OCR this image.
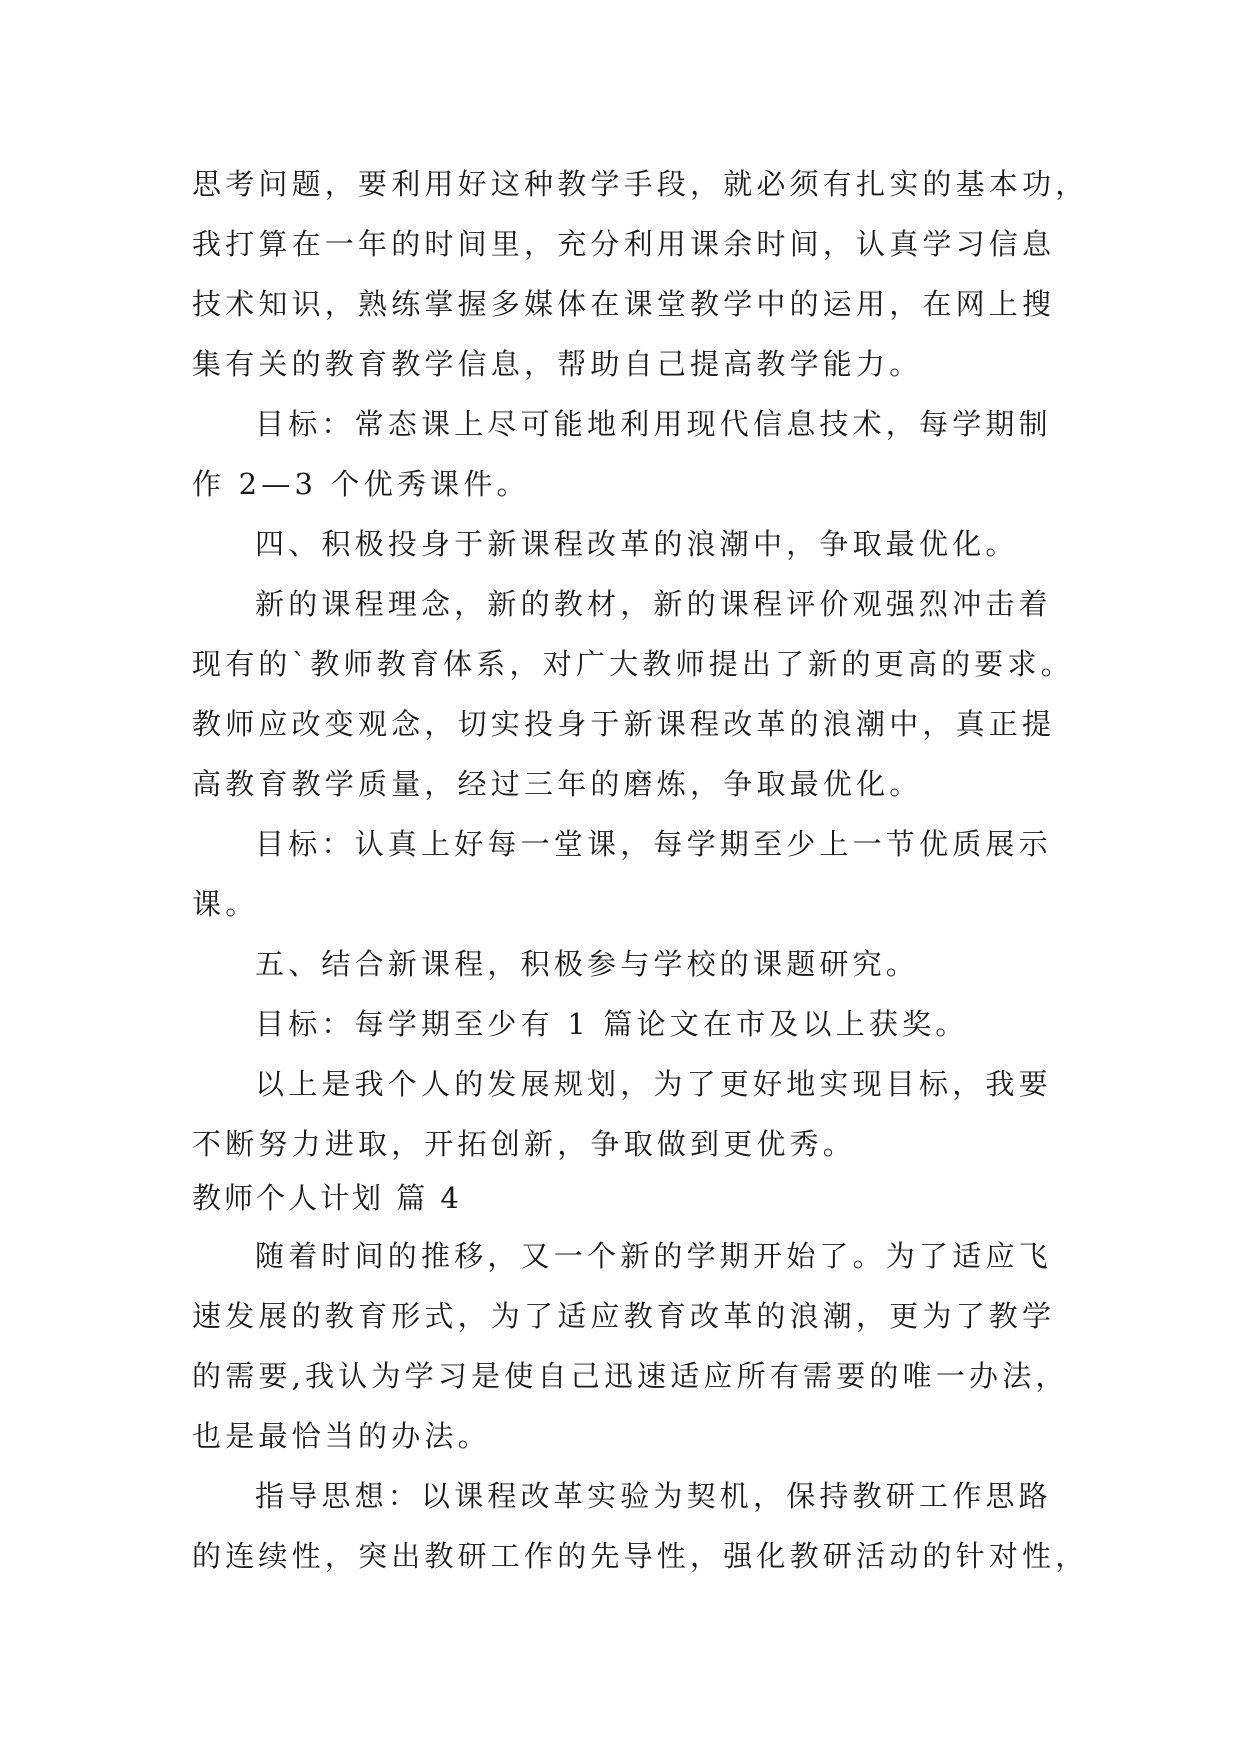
思考问题，要利用好这种教学手段，就必须有扎实的基本功，
我打算在一年的时间里，充分利用课余时间，认真学习信息
技术知识，熟练掌握多媒体在课堂教学中的运用，在网上搜
集有关的教育教学信息，帮助自己提高教学能力。
目标：常态课上尽可能地利用现代信息技术，每学期制
作 2—3 个优秀课件。
四、积极投身于新课程改革的浪潮中，争取最优化。
新的课程理念，新的教材，新的课程评价观强烈冲击着
现有的`教师教育体系，对广大教师提出了新的更高的要求。
教师应改变观念，切实投身于新课程改革的浪潮中，真正提
高教育教学质量，经过三年的磨炼，争取最优化。
目标：认真上好每一堂课，每学期至少上一节优质展示
课。
五、结合新课程，积极参与学校的课题研究。
目标：每学期至少有 1 篇论文在市及以上获奖。
以上是我个人的发展规划，为了更好地实现目标，我要
不断努力进取，开拓创新，争取做到更优秀。
教师个人计划 篇 4
随着时间的推移，又一个新的学期开始了。为了适应飞
速发展的教育形式，为了适应教育改革的浪潮，更为了教学
的需要,我认为学习是使自己迅速适应所有需要的唯一办法，
也是最恰当的办法。
指导思想：以课程改革实验为契机，保持教研工作思路
的连续性，突出教研工作的先导性，强化教研活动的针对性，
